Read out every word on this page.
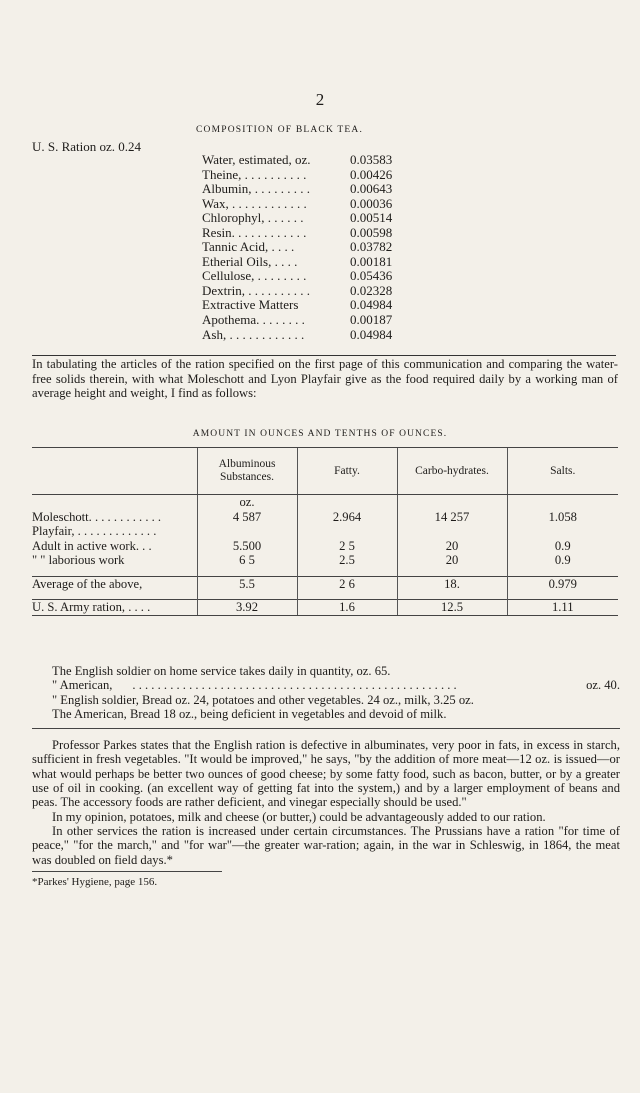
2
COMPOSITION OF BLACK TEA.
U. S. Ration oz. 0.24
Water, estimated, oz.	0.03583
Theine, . . . . . . . . . .	0.00426
Albumin, . . . . . . . . .	0.00643
Wax, . . . . . . . . . . . .	0.00036
Chlorophyl, . . . . . .	0.00514
Resin. . . . . . . . . . . .	0.00598
Tannic Acid, . . . .	0.03782
Etherial Oils, . . . .	0.00181
Cellulose, . . . . . . . .	0.05436
Dextrin, . . . . . . . . . .	0.02328
Extractive Matters	0.04984
Apothema. . . . . . . .	0.00187
Ash, . . . . . . . . . . . .	0.04984
In tabulating the articles of the ration specified on the first page of this communication and comparing the water-free solids therein, with what Moleschott and Lyon Playfair give as the food required daily by a working man of average height and weight, I find as follows:
AMOUNT IN OUNCES AND TENTHS OF OUNCES.
	Albuminous Substances.	Fatty.	Carbo-hydrates.	Salts.
	oz.			
Moleschott. . . . . . . . . . . .	4 587	2.964	14 257	1.058
Playfair, . . . . . . . . . . . . .				
Adult in active work. . .	5.500	2 5	20	0.9
" " laborious work	6 5	2.5	20	0.9

Average of the above,	5.5	2 6	18.	0.979

U. S. Army ration, . . . .	3.92	1.6	12.5	1.11

The English soldier on home service takes daily in quantity, oz. 65.

" American,	. . . . . . . . . . . . . . . . . . . . . . . . . . . . . . . . . . . . . . . . . . . . . . . . . . . .	oz. 40.

" English soldier, Bread oz. 24, potatoes and other vegetables. 24 oz., milk, 3.25 oz.

The American, Bread 18 oz., being deficient in vegetables and devoid of milk.

Professor Parkes states that the English ration is defective in albuminates, very poor in fats, in excess in starch, sufficient in fresh vegetables. "It would be improved," he says, "by the addition of more meat—12 oz. is issued—or what would perhaps be better two ounces of good cheese; by some fatty food, such as bacon, butter, or by a greater use of oil in cooking. (an excellent way of getting fat into the system,) and by a larger employment of beans and peas. The accessory foods are rather deficient, and vinegar especially should be used."

In my opinion, potatoes, milk and cheese (or butter,) could be advantageously added to our ration.

In other services the ration is increased under certain circumstances. The Prussians have a ration "for time of peace," "for the march," and "for war"—the greater war-ration; again, in the war in Schleswig, in 1864, the meat was doubled on field days.*

*Parkes' Hygiene, page 156.
